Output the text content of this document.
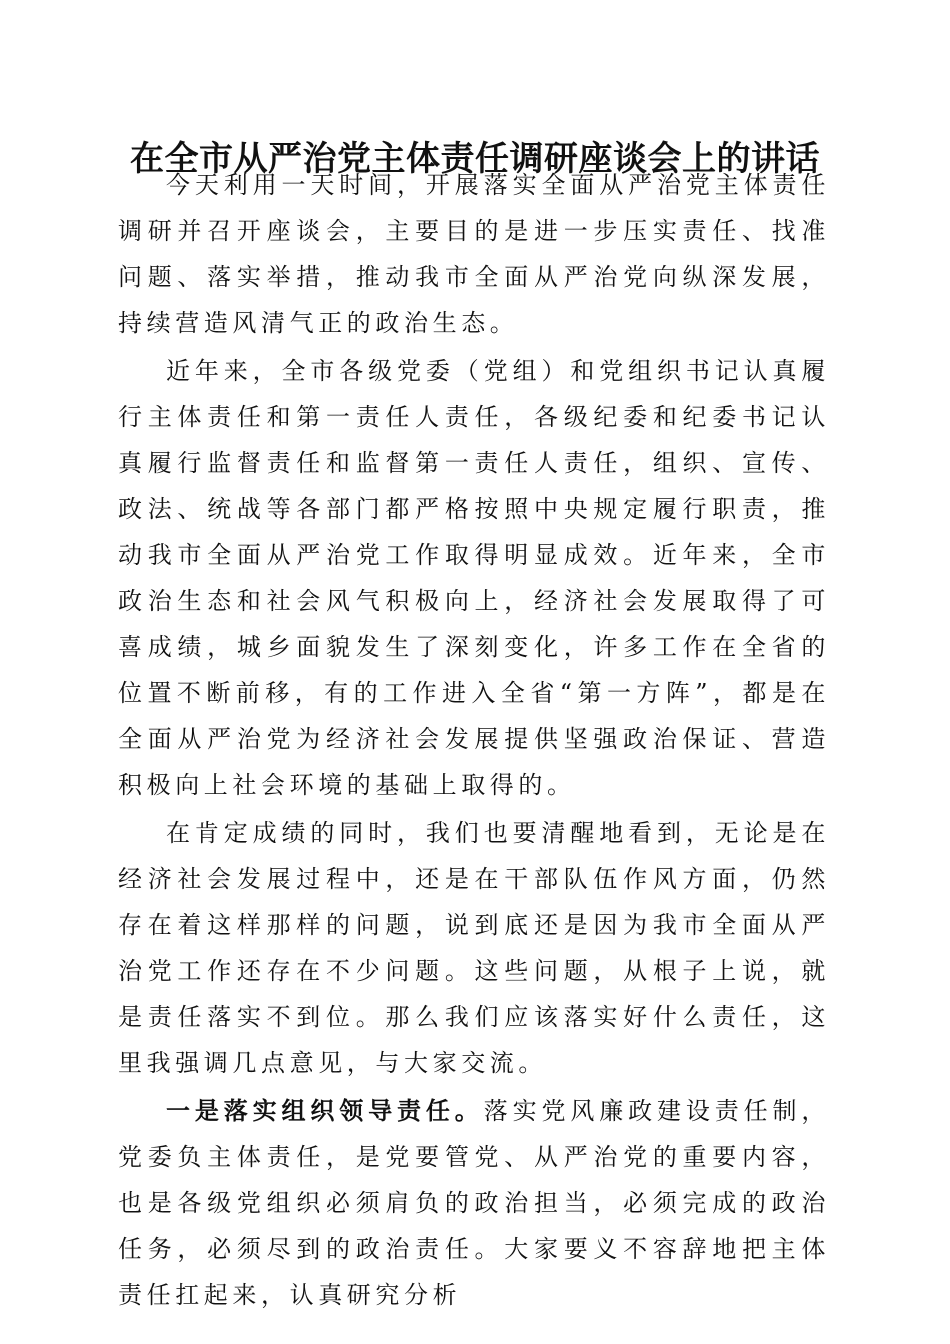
在全市从严治党主体责任调研座谈会上的讲话

今天利用一天时间，开展落实全面从严治党主体责任调研并召开座谈会，主要目的是进一步压实责任、找准问题、落实举措，推动我市全面从严治党向纵深发展，持续营造风清气正的政治生态。

近年来，全市各级党委（党组）和党组织书记认真履行主体责任和第一责任人责任，各级纪委和纪委书记认真履行监督责任和监督第一责任人责任，组织、宣传、政法、统战等各部门都严格按照中央规定履行职责，推动我市全面从严治党工作取得明显成效。近年来，全市政治生态和社会风气积极向上，经济社会发展取得了可喜成绩，城乡面貌发生了深刻变化，许多工作在全省的位置不断前移，有的工作进入全省“第一方阵”，都是在全面从严治党为经济社会发展提供坚强政治保证、营造积极向上社会环境的基础上取得的。

在肯定成绩的同时，我们也要清醒地看到，无论是在经济社会发展过程中，还是在干部队伍作风方面，仍然存在着这样那样的问题，说到底还是因为我市全面从严治党工作还存在不少问题。这些问题，从根子上说，就是责任落实不到位。那么我们应该落实好什么责任，这里我强调几点意见，与大家交流。

一是落实组织领导责任。落实党风廉政建设责任制，党委负主体责任，是党要管党、从严治党的重要内容，也是各级党组织必须肩负的政治担当，必须完成的政治任务，必须尽到的政治责任。大家要义不容辞地把主体责任扛起来，认真研究分析
